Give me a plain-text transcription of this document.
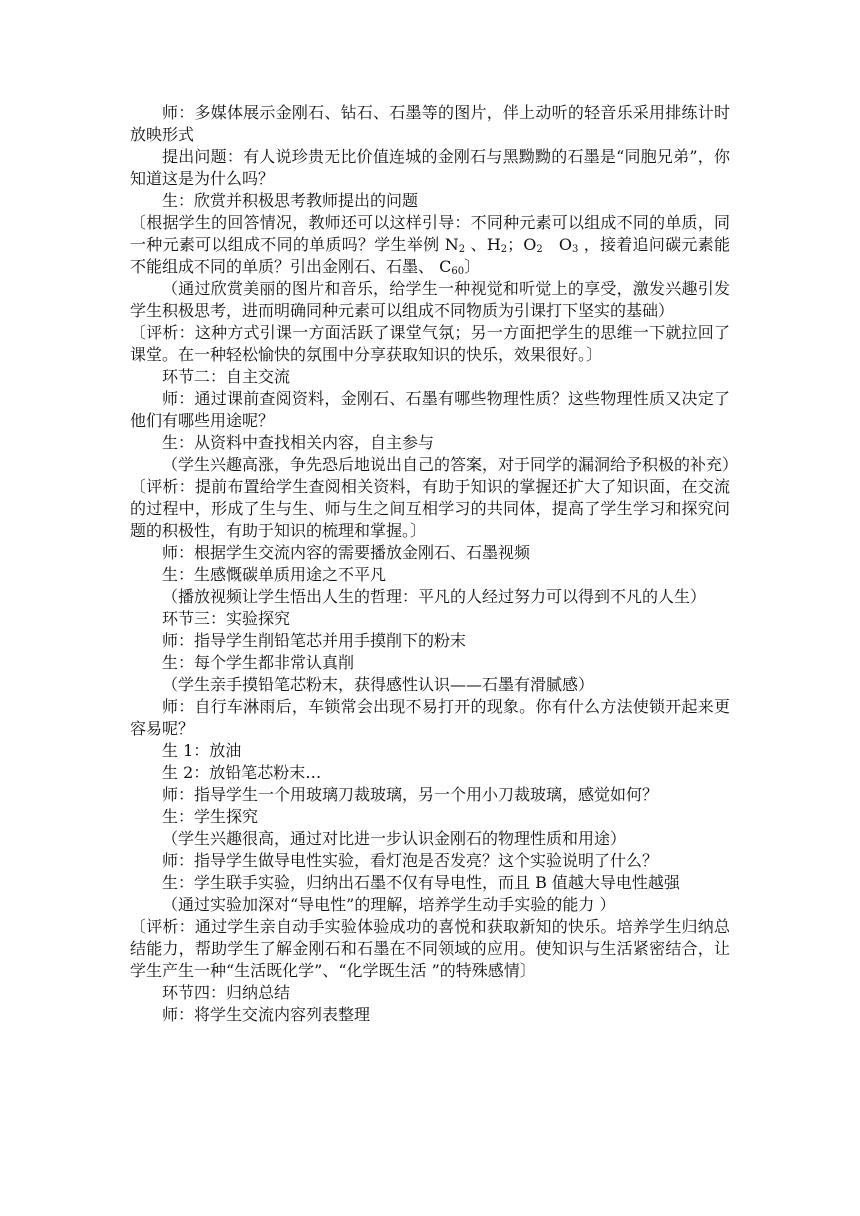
师：多媒体展示金刚石、钻石、石墨等的图片，伴上动听的轻音乐采用排练计时放映形式

提出问题：有人说珍贵无比价值连城的金刚石与黑黝黝的石墨是“同胞兄弟”，你知道这是为什么吗？

生：欣赏并积极思考教师提出的问题

〔根据学生的回答情况，教师还可以这样引导：不同种元素可以组成不同的单质，同一种元素可以组成不同的单质吗？学生举例 $N_2$ 、$H_2$；$O_2$ $O_3$ ，接着追问碳元素能不能组成不同的单质？引出金刚石、石墨、 $C_{60}$〕

（通过欣赏美丽的图片和音乐，给学生一种视觉和听觉上的享受，激发兴趣引发学生积极思考，进而明确同种元素可以组成不同物质为引课打下坚实的基础）

〔评析：这种方式引课一方面活跃了课堂气氛；另一方面把学生的思维一下就拉回了课堂。在一种轻松愉快的氛围中分享获取知识的快乐，效果很好。〕

环节二：自主交流

师：通过课前查阅资料，金刚石、石墨有哪些物理性质？这些物理性质又决定了他们有哪些用途呢？

生：从资料中查找相关内容，自主参与

（学生兴趣高涨，争先恐后地说出自己的答案，对于同学的漏洞给予积极的补充）

〔评析：提前布置给学生查阅相关资料，有助于知识的掌握还扩大了知识面，在交流的过程中，形成了生与生、师与生之间互相学习的共同体，提高了学生学习和探究问题的积极性，有助于知识的梳理和掌握。〕

师：根据学生交流内容的需要播放金刚石、石墨视频

生：生感慨碳单质用途之不平凡

（播放视频让学生悟出人生的哲理：平凡的人经过努力可以得到不凡的人生）

环节三：实验探究

师：指导学生削铅笔芯并用手摸削下的粉末

生：每个学生都非常认真削

（学生亲手摸铅笔芯粉末，获得感性认识——石墨有滑腻感）

师：自行车淋雨后，车锁常会出现不易打开的现象。你有什么方法使锁开起来更容易呢？

生 1：放油

生 2：放铅笔芯粉末…

师：指导学生一个用玻璃刀裁玻璃，另一个用小刀裁玻璃，感觉如何？

生：学生探究

（学生兴趣很高，通过对比进一步认识金刚石的物理性质和用途）

师：指导学生做导电性实验，看灯泡是否发亮？这个实验说明了什么？

生：学生联手实验，归纳出石墨不仅有导电性，而且 B 值越大导电性越强

（通过实验加深对“导电性”的理解，培养学生动手实验的能力 ）

〔评析：通过学生亲自动手实验体验成功的喜悦和获取新知的快乐。培养学生归纳总结能力，帮助学生了解金刚石和石墨在不同领域的应用。使知识与生活紧密结合，让学生产生一种“生活既化学”、“化学既生活 ”的特殊感情〕

环节四：归纳总结

师：将学生交流内容列表整理
